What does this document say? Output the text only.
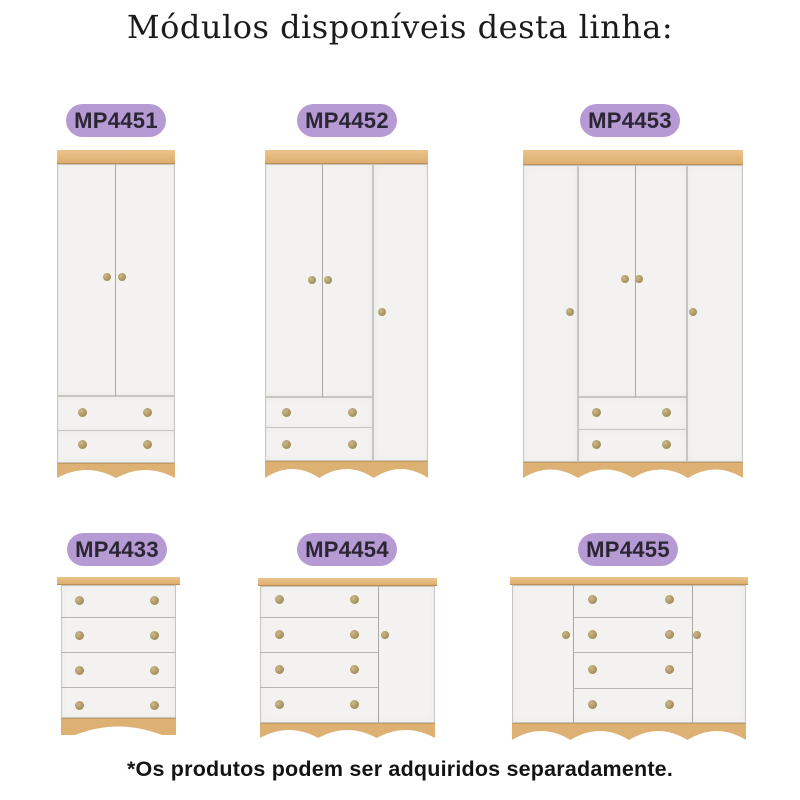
Módulos disponíveis desta linha:
MP4451	MP4452	MP4453
MP4433	MP4454	MP4455
*Os produtos podem ser adquiridos separadamente.
